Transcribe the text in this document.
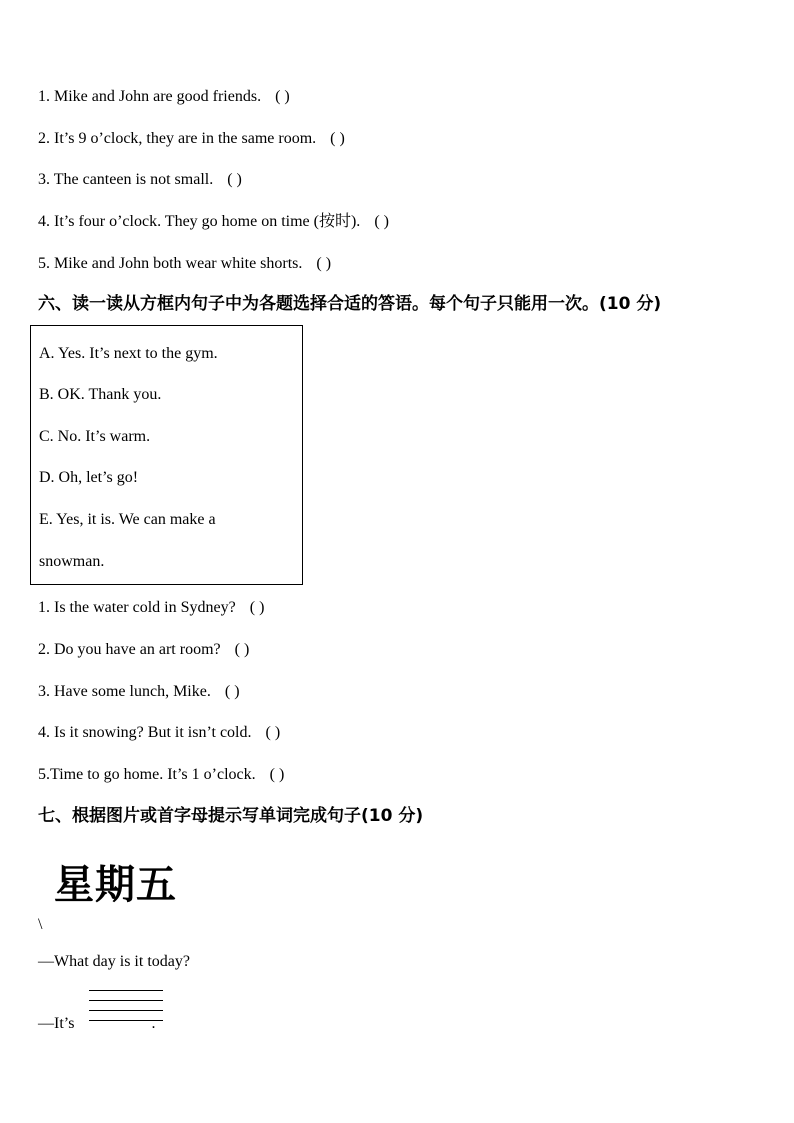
1. Mike and John are good friends. ( )
2. It’s 9 o’clock, they are in the same room. ( )
3. The canteen is not small. ( )
4. It’s four o’clock. They go home on time (按时). ( )
5. Mike and John both wear white shorts. ( )
六、读一读从方框内句子中为各题选择合适的答语。每个句子只能用一次。(10 分)
A. Yes. It’s next to the gym.
B. OK. Thank you.
C. No. It’s warm.
D. Oh, let’s go!
E. Yes, it is. We can make a
snowman.
1. Is the water cold in Sydney? ( )
2. Do you have an art room? ( )
3. Have some lunch, Mike. ( )
4. Is it snowing? But it isn’t cold. ( )
5.Time to go home. It’s 1 o’clock. ( )
七、根据图片或首字母提示写单词完成句子(10 分)
星期五
\
—What day is it today?
—It’s	.
